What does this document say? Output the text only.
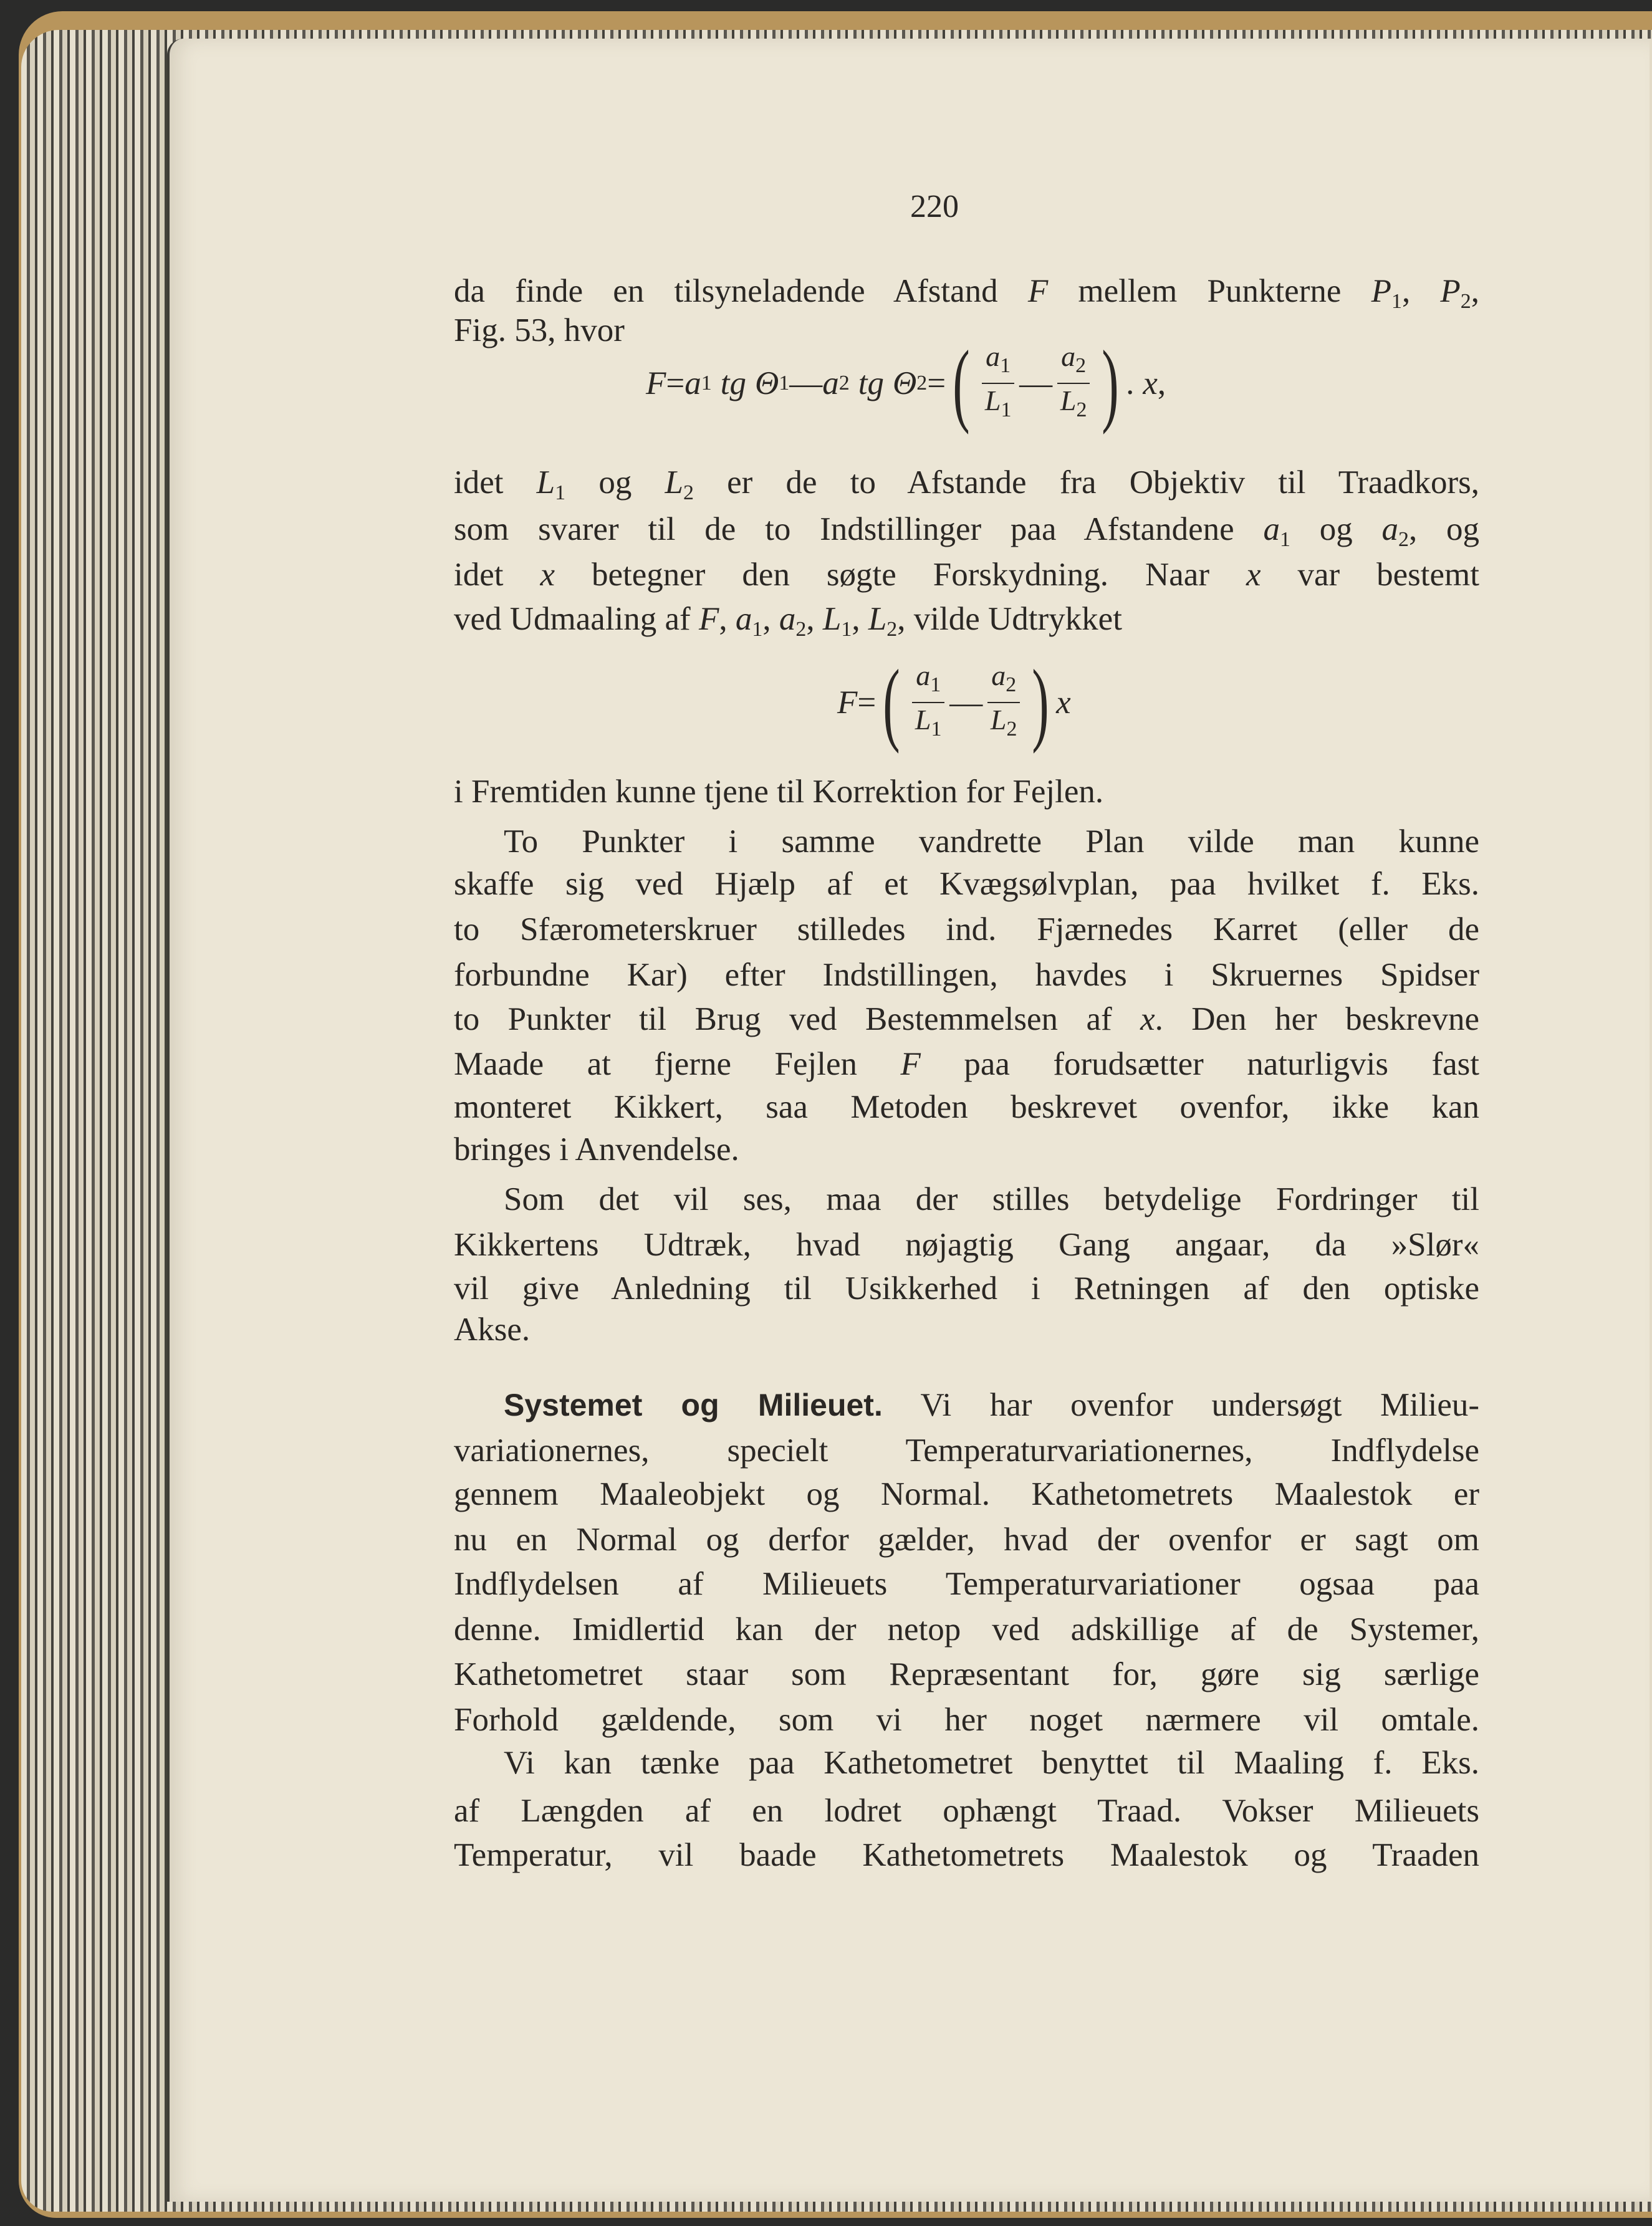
220
da finde en tilsyneladende Afstand F mellem Punkterne $P_1$, $P_2$,
Fig. 53, hvor
F = a 1 tg Θ 1 — a 2 tg Θ 2 = ( $\frac{a_1}{L_1}$ — $\frac{a_2}{L_2}$ ) . x ,
idet $L_1$ og $L_2$ er de to Afstande fra Objektiv til Traadkors,
som svarer til de to Indstillinger paa Afstandene $a_1$ og $a_2$, og
idet x betegner den søgte Forskydning. Naar x var bestemt
ved Udmaaling af F, $a_1$, $a_2$, $L_1$, $L_2$, vilde Udtrykket
F = ( $\frac{a_1}{L_1}$ — $\frac{a_2}{L_2}$ ) x
i Fremtiden kunne tjene til Korrektion for Fejlen.
To Punkter i samme vandrette Plan vilde man kunne
skaffe sig ved Hjælp af et Kvægsølvplan, paa hvilket f. Eks.
to Sfærometerskruer stilledes ind. Fjærnedes Karret (eller de
forbundne Kar) efter Indstillingen, havdes i Skruernes Spidser
to Punkter til Brug ved Bestemmelsen af x. Den her beskrevne
Maade at fjerne Fejlen F paa forudsætter naturligvis fast
monteret Kikkert, saa Metoden beskrevet ovenfor, ikke kan
bringes i Anvendelse.
Som det vil ses, maa der stilles betydelige Fordringer til
Kikkertens Udtræk, hvad nøjagtig Gang angaar, da »Slør«
vil give Anledning til Usikkerhed i Retningen af den optiske
Akse.
Systemet og Milieuet. Vi har ovenfor undersøgt Milieu-
variationernes, specielt Temperaturvariationernes, Indflydelse
gennem Maaleobjekt og Normal. Kathetometrets Maalestok er
nu en Normal og derfor gælder, hvad der ovenfor er sagt om
Indflydelsen af Milieuets Temperaturvariationer ogsaa paa
denne. Imidlertid kan der netop ved adskillige af de Systemer,
Kathetometret staar som Repræsentant for, gøre sig særlige
Forhold gældende, som vi her noget nærmere vil omtale.
Vi kan tænke paa Kathetometret benyttet til Maaling f. Eks.
af Længden af en lodret ophængt Traad. Vokser Milieuets
Temperatur, vil baade Kathetometrets Maalestok og Traaden
